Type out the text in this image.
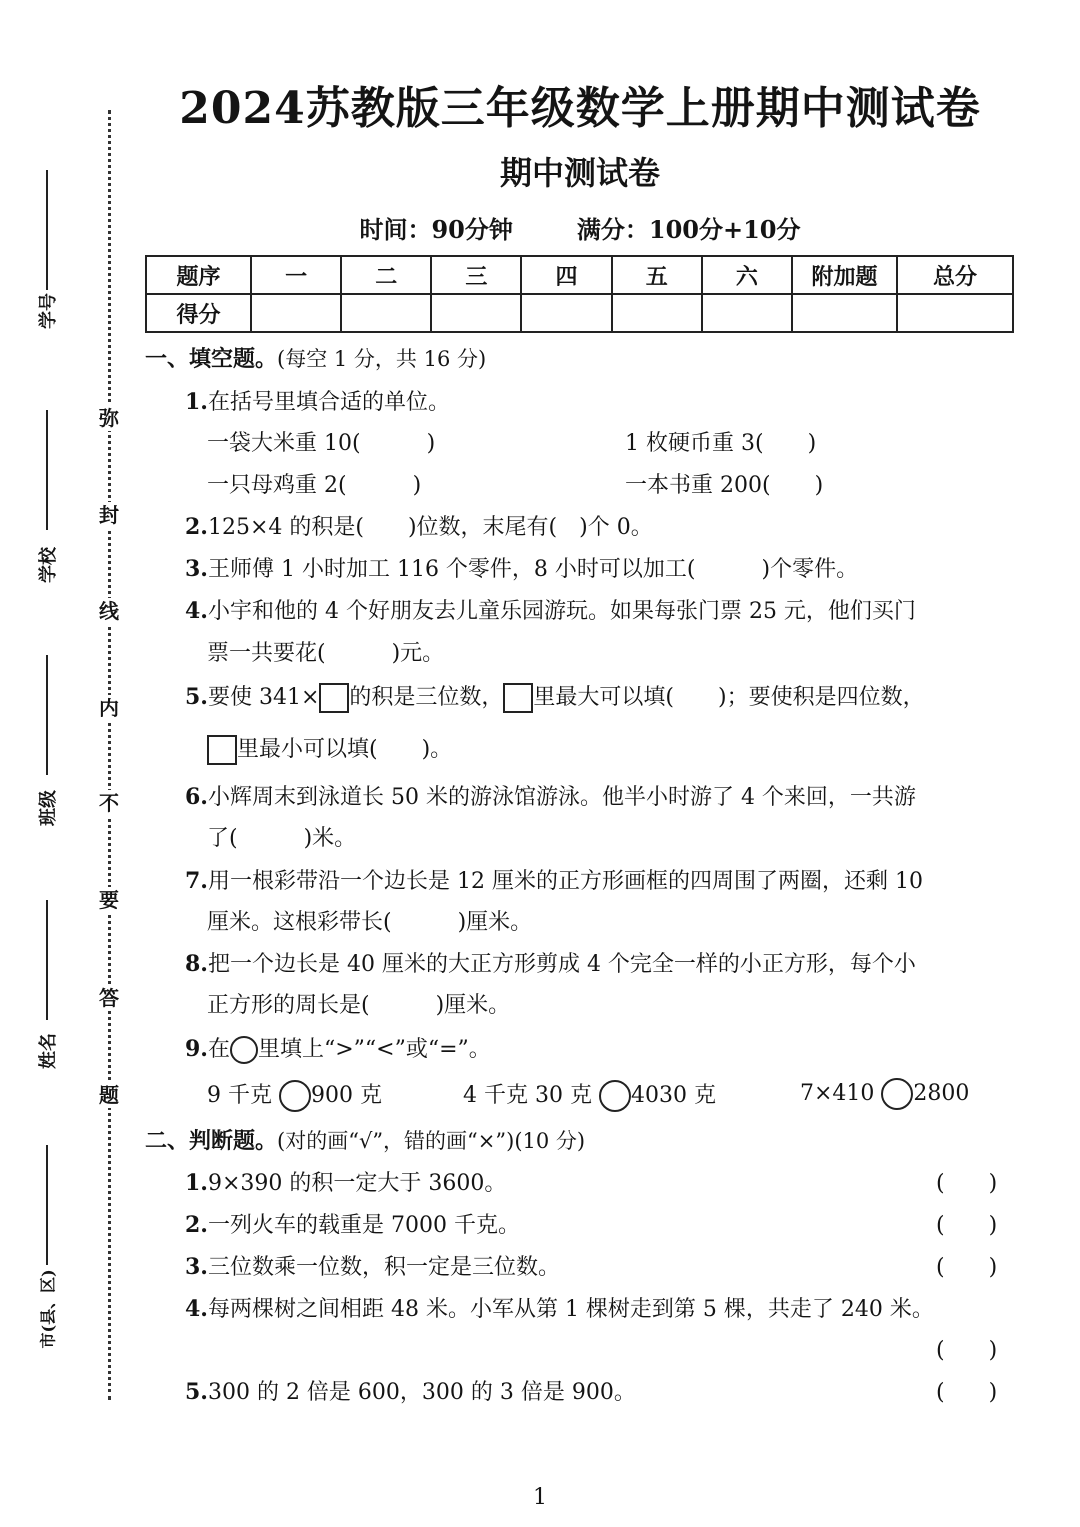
学号
学校
班级
姓名
市(县、区)
弥
封
线
内
不
要
答
题
2024苏教版三年级数学上册期中测试卷
期中测试卷
时间：90分钟	满分：100分+10分
题序	一	二	三	四	五	六	附加题	总分
得分								
一、填空题。(每空 1 分，共 16 分)
1.在括号里填合适的单位。
一袋大米重 10(　　　)	1 枚硬币重 3(　　)
一只母鸡重 2(　　　)	一本书重 200(　　)
2.125×4 的积是(　　)位数，末尾有(　)个 0。
3.王师傅 1 小时加工 116 个零件，8 小时可以加工(　　　)个零件。
4.小宇和他的 4 个好朋友去儿童乐园游玩。如果每张门票 25 元，他们买门
票一共要花(　　　)元。
5.要使 341× 的积是三位数， 里最大可以填(　　)；要使积是四位数，
里最小可以填(　　)。
6.小辉周末到泳道长 50 米的游泳馆游泳。他半小时游了 4 个来回，一共游
了(　　　)米。
7.用一根彩带沿一个边长是 12 厘米的正方形画框的四周围了两圈，还剩 10
厘米。这根彩带长(　　　)厘米。
8.把一个边长是 40 厘米的大正方形剪成 4 个完全一样的小正方形，每个小
正方形的周长是(　　　)厘米。
9.在 里填上“>”“<”或“=”。
9 千克 900 克	4 千克 30 克 4030 克	7×410 2800
二、判断题。(对的画“√”，错的画“×”)(10 分)
1.9×390 的积一定大于 3600。	(　　)
2.一列火车的载重是 7000 千克。	(　　)
3.三位数乘一位数，积一定是三位数。	(　　)
4.每两棵树之间相距 48 米。小军从第 1 棵树走到第 5 棵，共走了 240 米。
(　　)
5.300 的 2 倍是 600，300 的 3 倍是 900。	(　　)
1
